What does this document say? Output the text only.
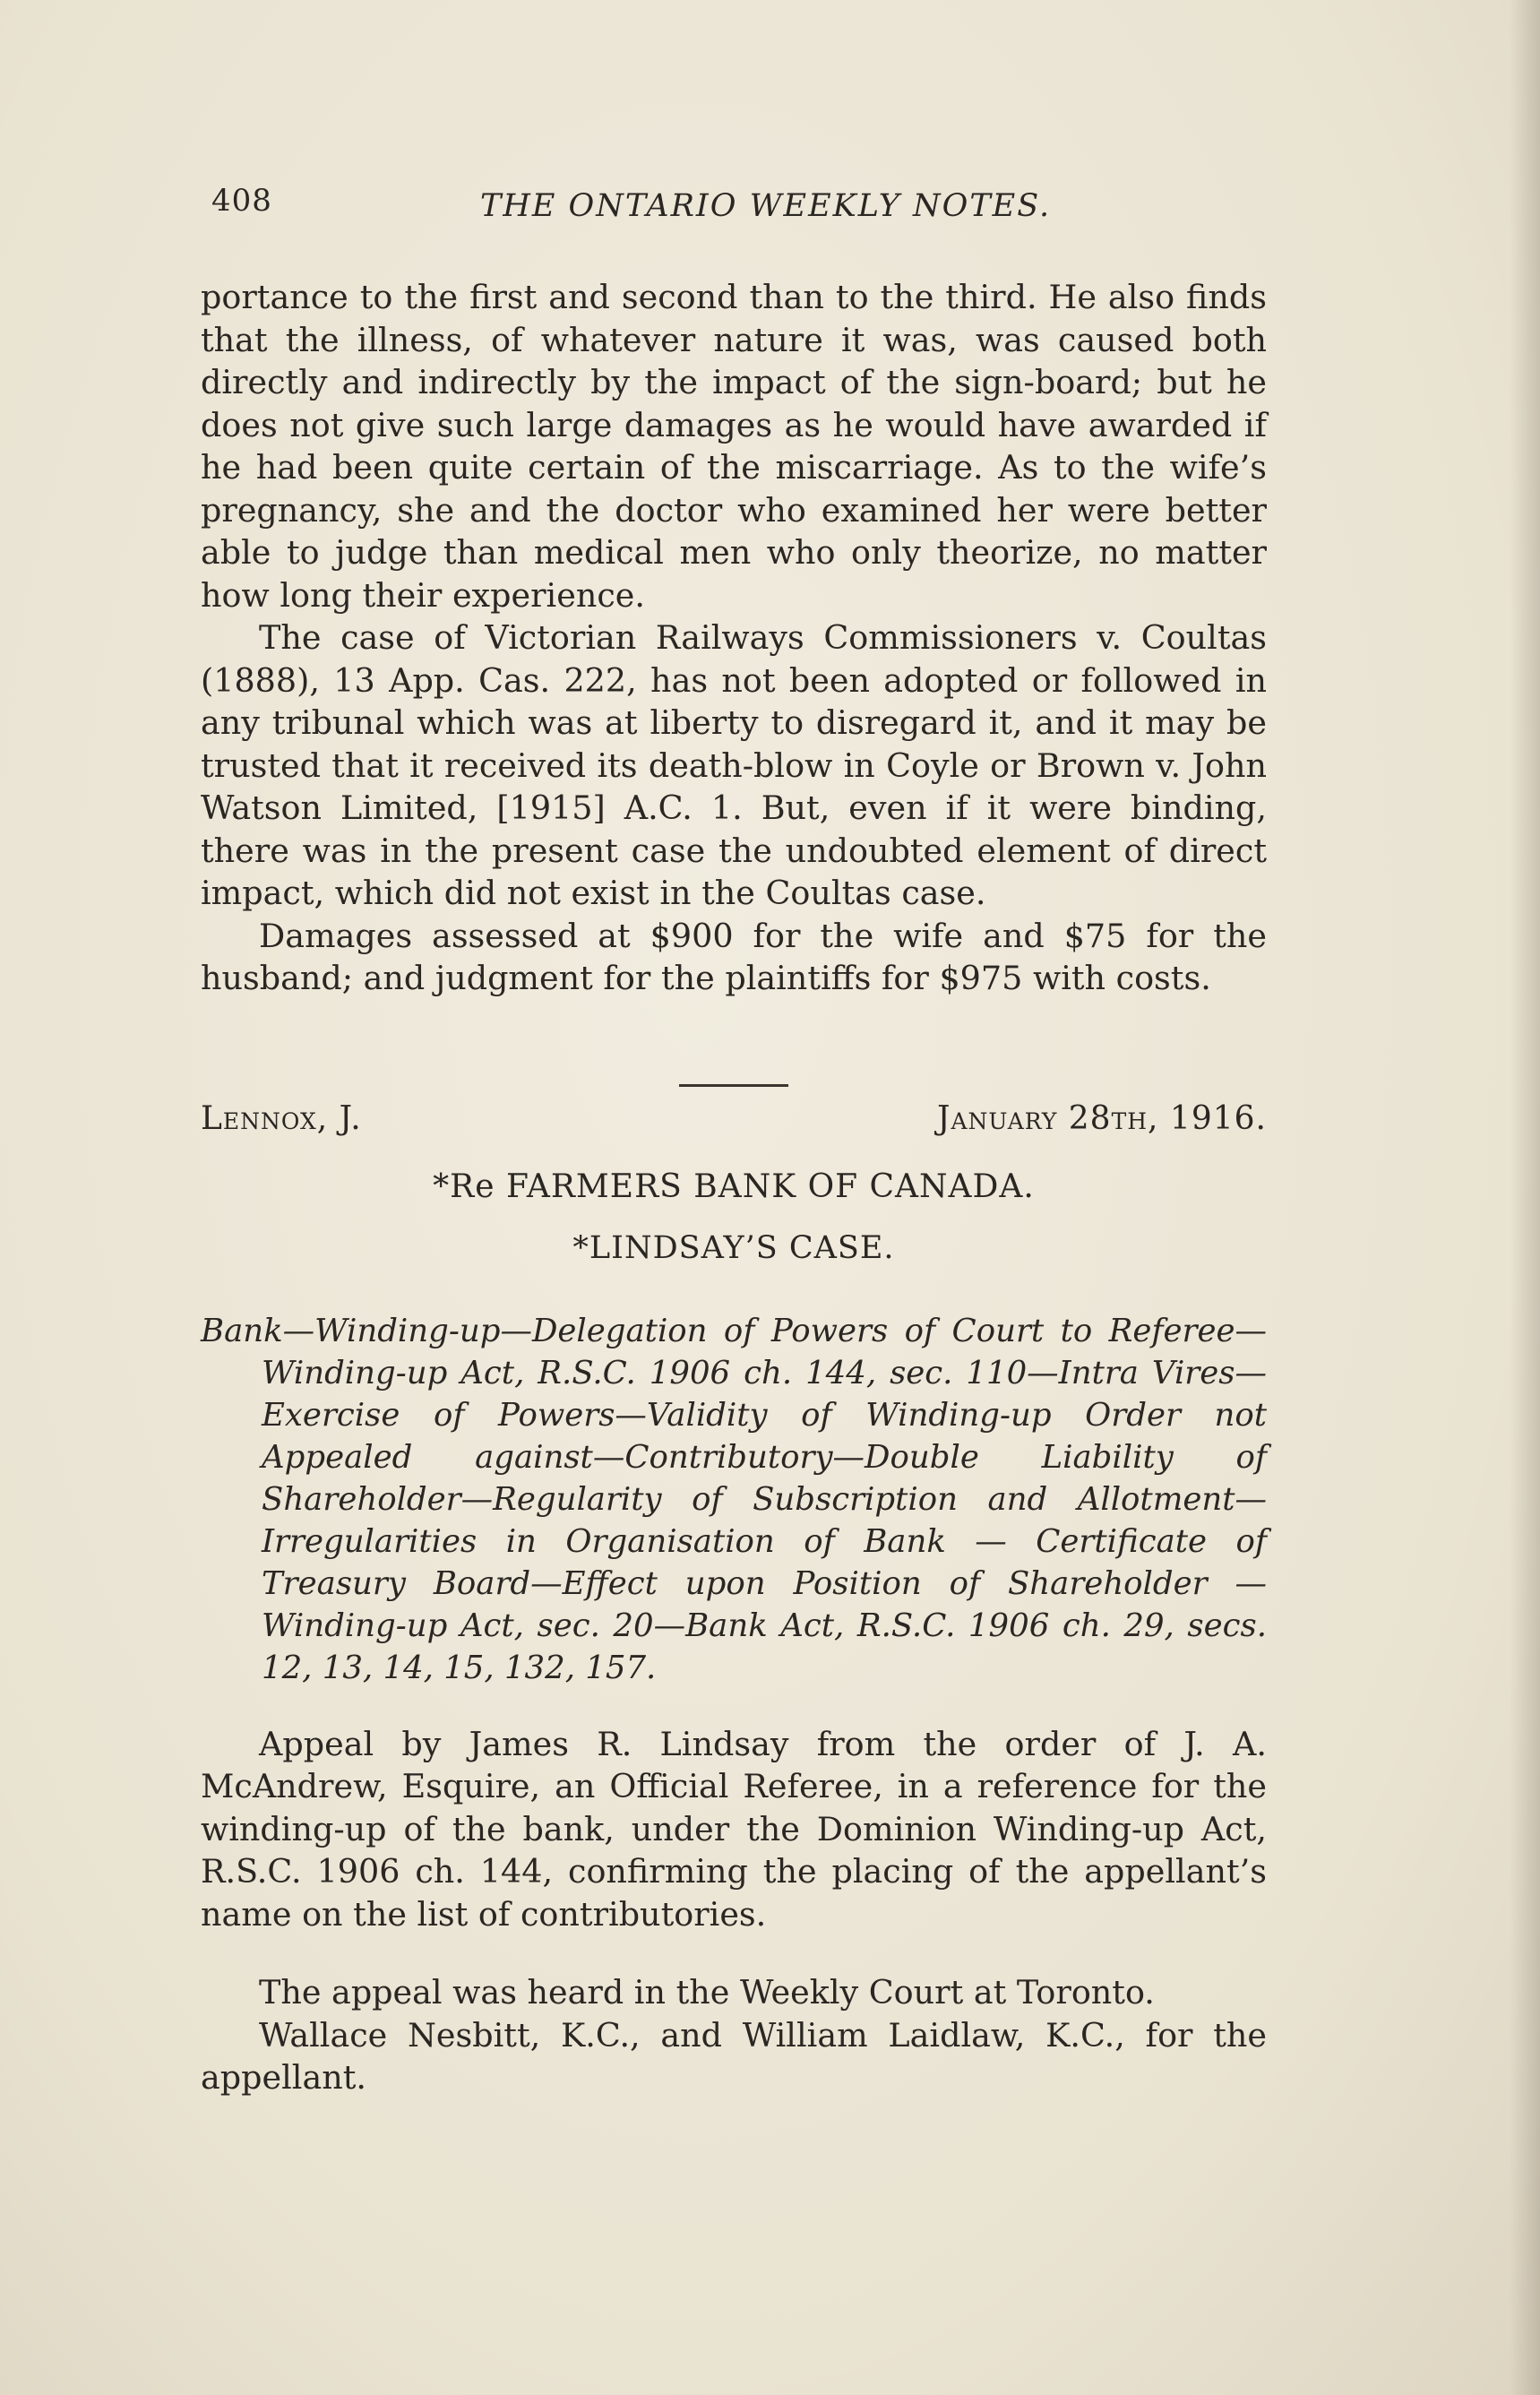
408	THE ONTARIO WEEKLY NOTES.

portance to the first and second than to the third. He also finds that the illness, of whatever nature it was, was caused both directly and indirectly by the impact of the sign-board; but he does not give such large damages as he would have awarded if he had been quite certain of the miscarriage. As to the wife’s pregnancy, she and the doctor who examined her were better able to judge than medical men who only theorize, no matter how long their experience.

The case of Victorian Railways Commissioners v. Coultas (1888), 13 App. Cas. 222, has not been adopted or followed in any tribunal which was at liberty to disregard it, and it may be trusted that it received its death-blow in Coyle or Brown v. John Watson Limited, [1915] A.C. 1. But, even if it were binding, there was in the present case the undoubted element of direct impact, which did not exist in the Coultas case.

Damages assessed at $900 for the wife and $75 for the husband; and judgment for the plaintiffs for $975 with costs.

Lennox, J.	January 28th, 1916.
*Re FARMERS BANK OF CANADA.
*LINDSAY’S CASE.

Bank—Winding-up—Delegation of Powers of Court to Referee—Winding-up Act, R.S.C. 1906 ch. 144, sec. 110—Intra Vires—Exercise of Powers—Validity of Winding-up Order not Appealed against—Contributory—Double Liability of Shareholder—Regularity of Subscription and Allotment—Irregularities in Organisation of Bank — Certificate of Treasury Board—Effect upon Position of Shareholder — Winding-up Act, sec. 20—Bank Act, R.S.C. 1906 ch. 29, secs. 12, 13, 14, 15, 132, 157.

Appeal by James R. Lindsay from the order of J. A. McAndrew, Esquire, an Official Referee, in a reference for the winding-up of the bank, under the Dominion Winding-up Act, R.S.C. 1906 ch. 144, confirming the placing of the appellant’s name on the list of contributories.

The appeal was heard in the Weekly Court at Toronto.

Wallace Nesbitt, K.C., and William Laidlaw, K.C., for the appellant.
